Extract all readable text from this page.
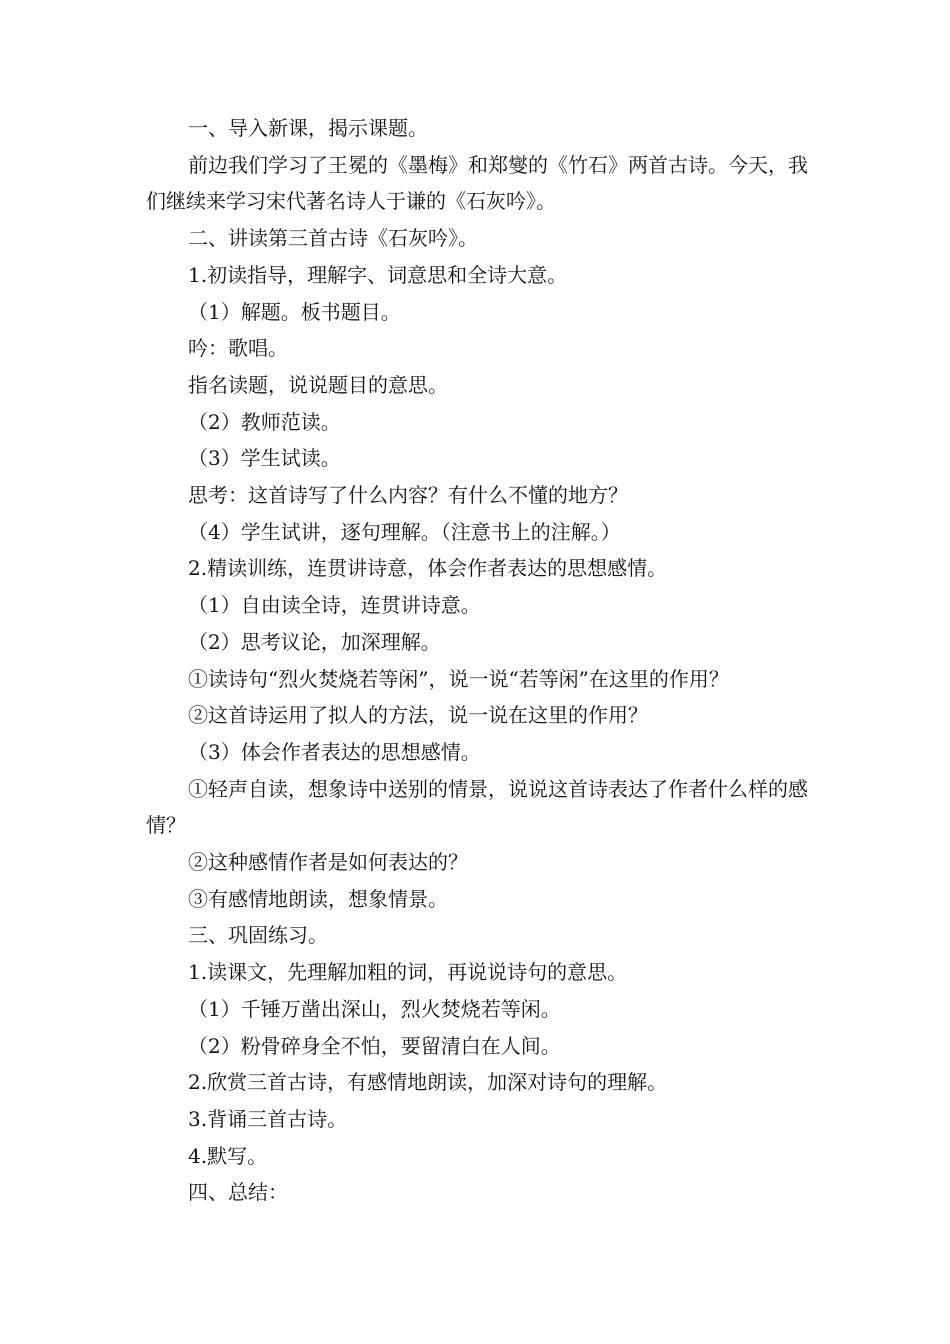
一、导入新课，揭示课题。

前边我们学习了王冕的《墨梅》和郑燮的《竹石》两首古诗。今天，我们继续来学习宋代著名诗人于谦的《石灰吟》。

二、讲读第三首古诗《石灰吟》。

1.初读指导，理解字、词意思和全诗大意。

（1）解题。板书题目。

吟：歌唱。

指名读题，说说题目的意思。

（2）教师范读。

（3）学生试读。

思考：这首诗写了什么内容？有什么不懂的地方？

（4）学生试讲，逐句理解。（注意书上的注解。）

2.精读训练，连贯讲诗意，体会作者表达的思想感情。

（1）自由读全诗，连贯讲诗意。

（2）思考议论，加深理解。

①读诗句“烈火焚烧若等闲”，说一说“若等闲”在这里的作用？

②这首诗运用了拟人的方法，说一说在这里的作用？

（3）体会作者表达的思想感情。

①轻声自读，想象诗中送别的情景，说说这首诗表达了作者什么样的感情？

②这种感情作者是如何表达的？

③有感情地朗读，想象情景。

三、巩固练习。

1.读课文，先理解加粗的词，再说说诗句的意思。

（1）千锤万凿出深山，烈火焚烧若等闲。

（2）粉骨碎身全不怕，要留清白在人间。

2.欣赏三首古诗，有感情地朗读，加深对诗句的理解。

3.背诵三首古诗。

4.默写。

四、总结：
